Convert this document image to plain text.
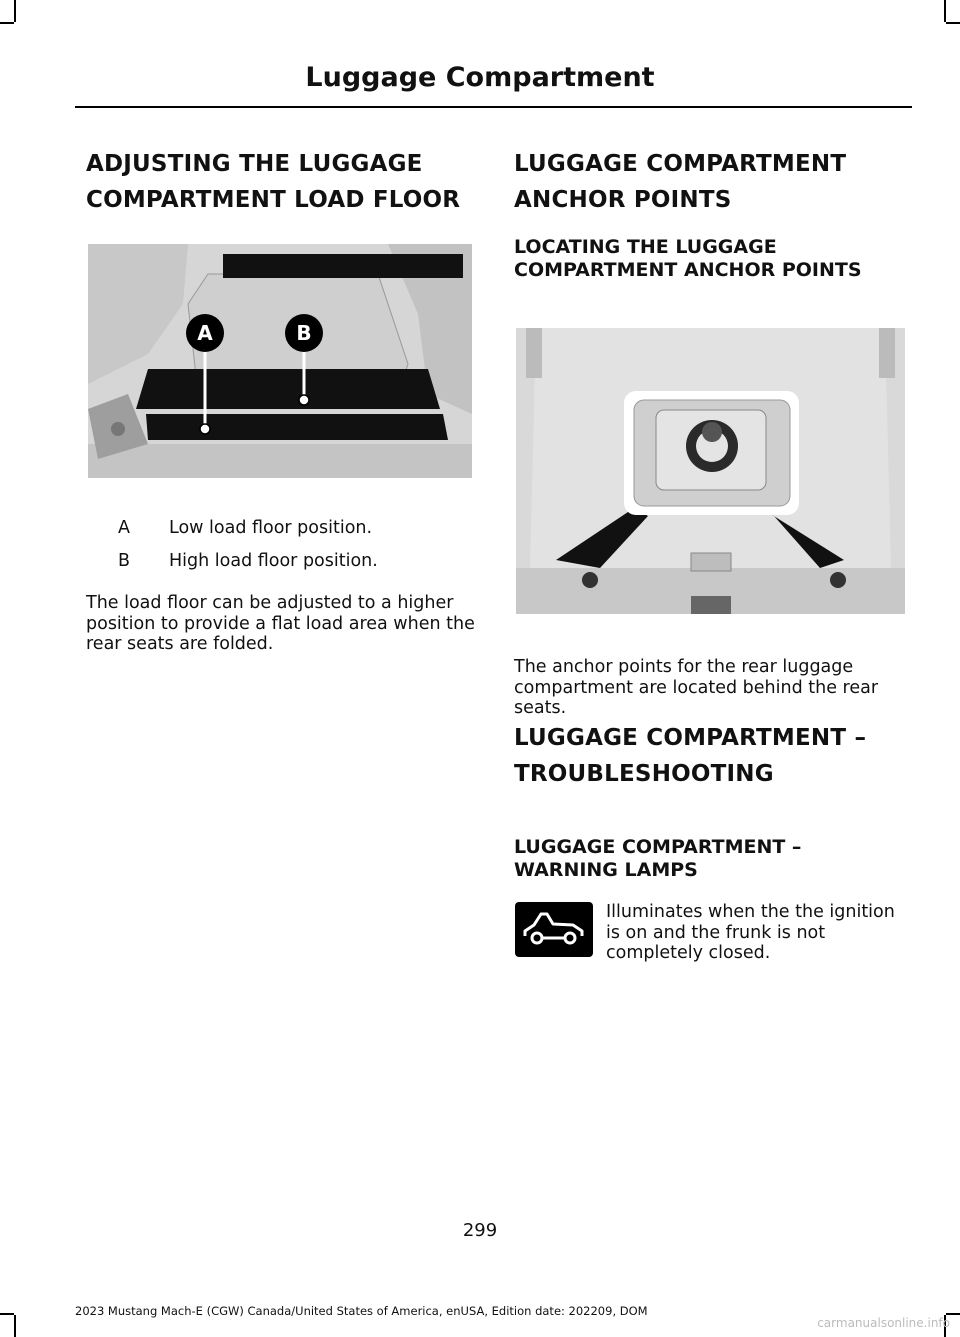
Luggage Compartment
ADJUSTING THE LUGGAGE
COMPARTMENT LOAD FLOOR
A	B
A Low load floor position.
B High load floor position.

The load floor can be adjusted to a higher position to provide a flat load area when the rear seats are folded.

LUGGAGE COMPARTMENT
ANCHOR POINTS
LOCATING THE LUGGAGE
COMPARTMENT ANCHOR POINTS

The anchor points for the rear luggage compartment are located behind the rear seats.

LUGGAGE COMPARTMENT –
TROUBLESHOOTING
LUGGAGE COMPARTMENT –
WARNING LAMPS

Illuminates when the the ignition is on and the frunk is not completely closed.

299
2023 Mustang Mach-E (CGW) Canada/United States of America, enUSA, Edition date: 202209, DOM
carmanualsonline.info
